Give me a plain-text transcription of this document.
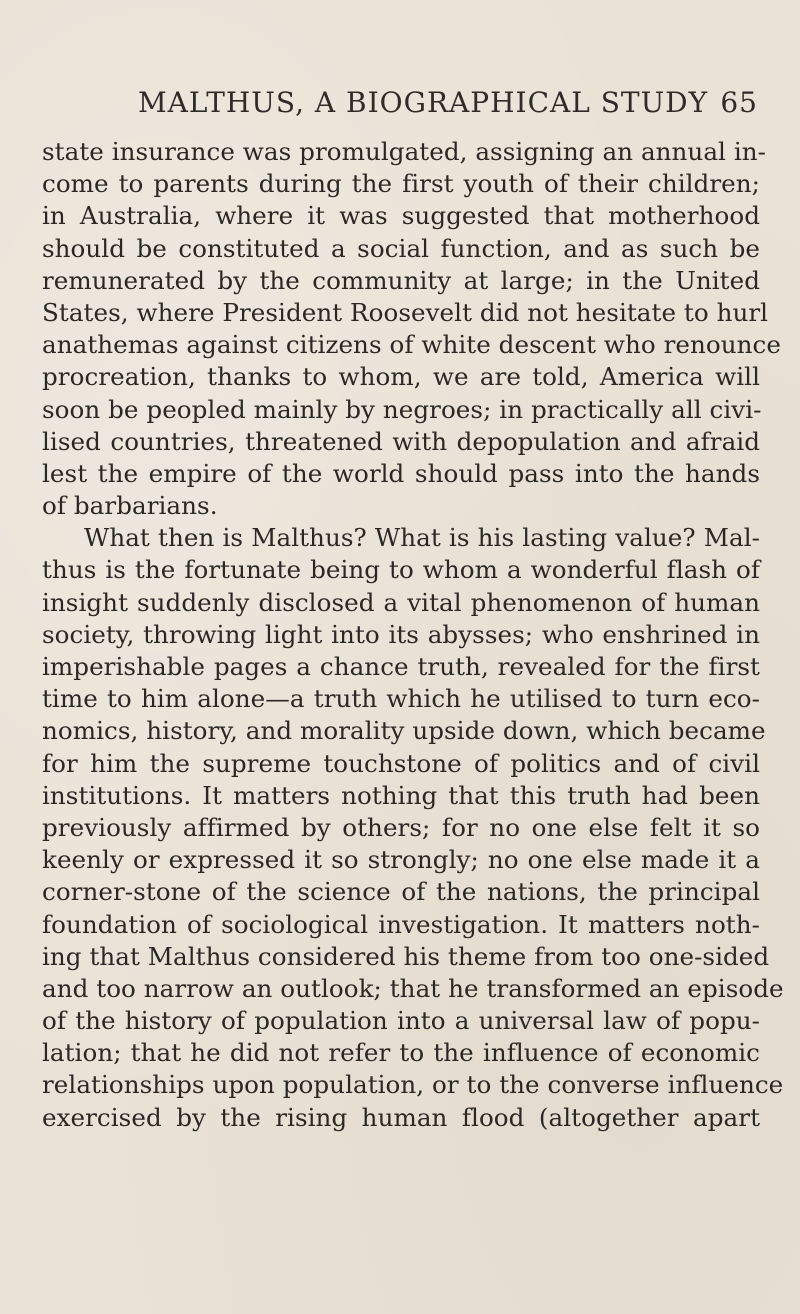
MALTHUS, A BIOGRAPHICAL STUDY 65
state insurance was promulgated, assigning an annual in-
come to parents during the first youth of their children;
in Australia, where it was suggested that motherhood
should be constituted a social function, and as such be
remunerated by the community at large; in the United
States, where President Roosevelt did not hesitate to hurl
anathemas against citizens of white descent who renounce
procreation, thanks to whom, we are told, America will
soon be peopled mainly by negroes; in practically all civi-
lised countries, threatened with depopulation and afraid
lest the empire of the world should pass into the hands
of barbarians.
What then is Malthus? What is his lasting value? Mal-
thus is the fortunate being to whom a wonderful flash of
insight suddenly disclosed a vital phenomenon of human
society, throwing light into its abysses; who enshrined in
imperishable pages a chance truth, revealed for the first
time to him alone—a truth which he utilised to turn eco-
nomics, history, and morality upside down, which became
for him the supreme touchstone of politics and of civil
institutions. It matters nothing that this truth had been
previously affirmed by others; for no one else felt it so
keenly or expressed it so strongly; no one else made it a
corner-stone of the science of the nations, the principal
foundation of sociological investigation. It matters noth-
ing that Malthus considered his theme from too one-sided
and too narrow an outlook; that he transformed an episode
of the history of population into a universal law of popu-
lation; that he did not refer to the influence of economic
relationships upon population, or to the converse influence
exercised by the rising human flood (altogether apart
